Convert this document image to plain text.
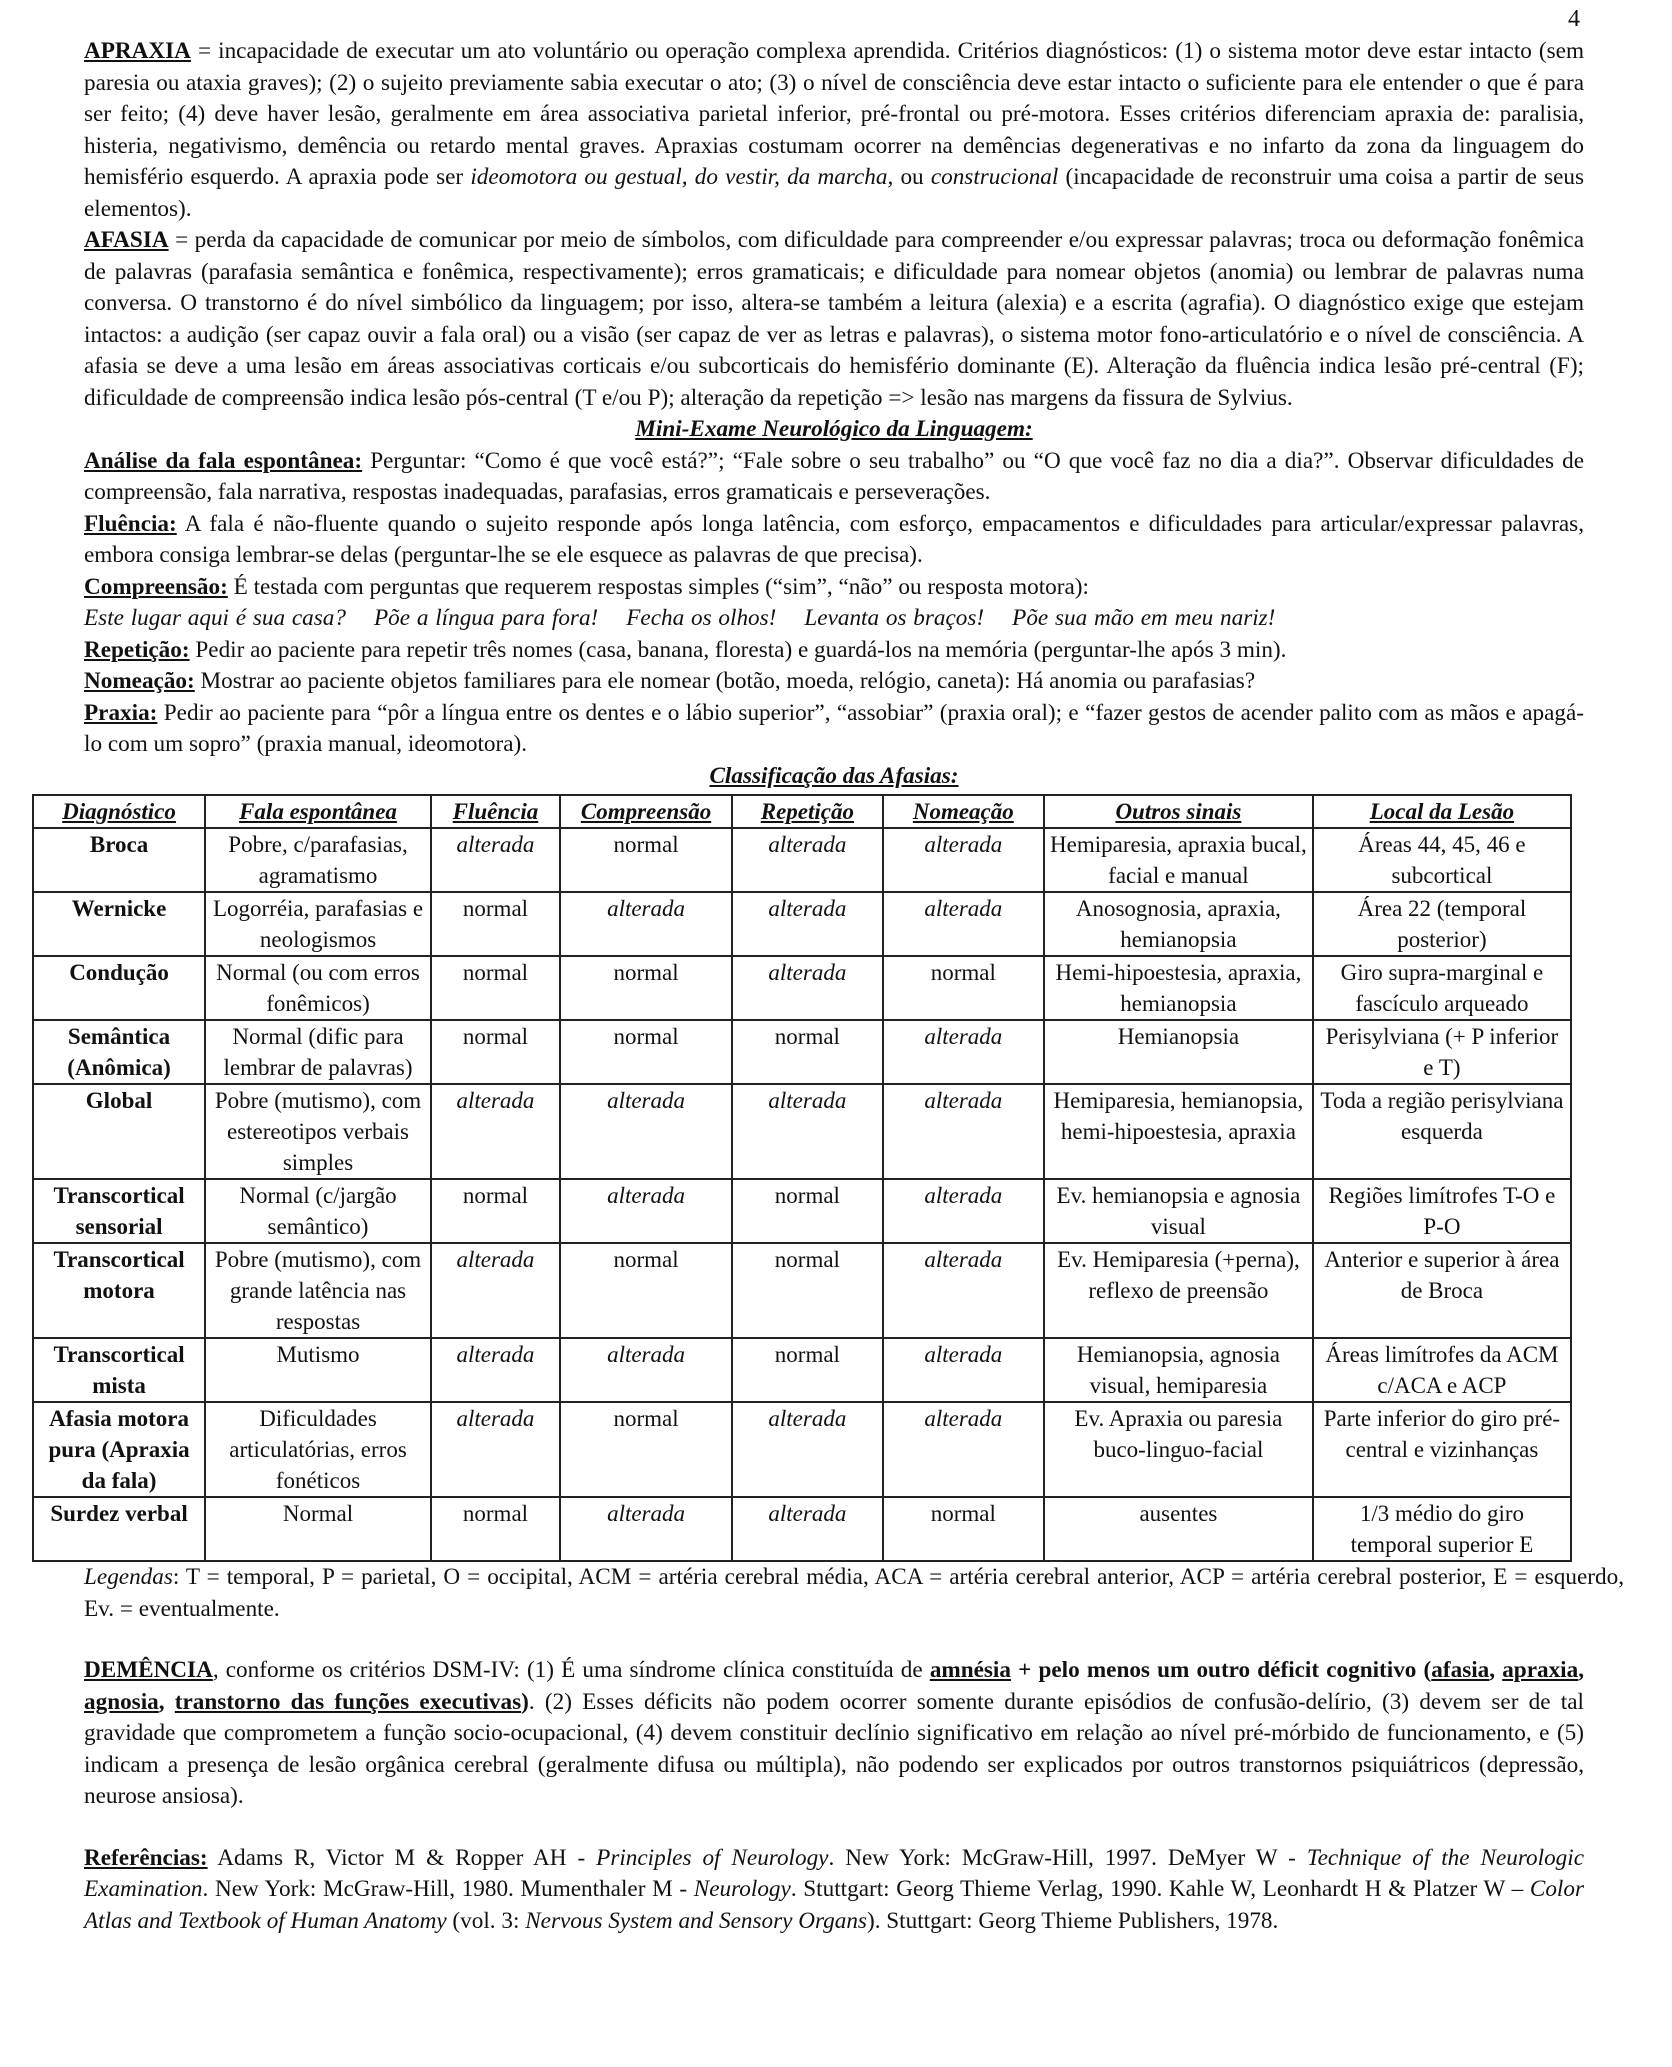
4

APRAXIA = incapacidade de executar um ato voluntário ou operação complexa aprendida. Critérios diagnósticos: (1) o sistema motor deve estar intacto (sem paresia ou ataxia graves); (2) o sujeito previamente sabia executar o ato; (3) o nível de consciência deve estar intacto o suficiente para ele entender o que é para ser feito; (4) deve haver lesão, geralmente em área associativa parietal inferior, pré-frontal ou pré-motora. Esses critérios diferenciam apraxia de: paralisia, histeria, negativismo, demência ou retardo mental graves. Apraxias costumam ocorrer na demências degenerativas e no infarto da zona da linguagem do hemisfério esquerdo. A apraxia pode ser ideomotora ou gestual, do vestir, da marcha, ou construcional (incapacidade de reconstruir uma coisa a partir de seus elementos).

AFASIA = perda da capacidade de comunicar por meio de símbolos, com dificuldade para compreender e/ou expressar palavras; troca ou deformação fonêmica de palavras (parafasia semântica e fonêmica, respectivamente); erros gramaticais; e dificuldade para nomear objetos (anomia) ou lembrar de palavras numa conversa. O transtorno é do nível simbólico da linguagem; por isso, altera-se também a leitura (alexia) e a escrita (agrafia). O diagnóstico exige que estejam intactos: a audição (ser capaz ouvir a fala oral) ou a visão (ser capaz de ver as letras e palavras), o sistema motor fono-articulatório e o nível de consciência. A afasia se deve a uma lesão em áreas associativas corticais e/ou subcorticais do hemisfério dominante (E). Alteração da fluência indica lesão pré-central (F); dificuldade de compreensão indica lesão pós-central (T e/ou P); alteração da repetição => lesão nas margens da fissura de Sylvius.

Mini-Exame Neurológico da Linguagem:

Análise da fala espontânea: Perguntar: “Como é que você está?”; “Fale sobre o seu trabalho” ou “O que você faz no dia a dia?”. Observar dificuldades de compreensão, fala narrativa, respostas inadequadas, parafasias, erros gramaticais e perseverações.

Fluência: A fala é não-fluente quando o sujeito responde após longa latência, com esforço, empacamentos e dificuldades para articular/expressar palavras, embora consiga lembrar-se delas (perguntar-lhe se ele esquece as palavras de que precisa).

Compreensão: É testada com perguntas que requerem respostas simples (“sim”, “não” ou resposta motora):

Este lugar aqui é sua casa? Põe a língua para fora! Fecha os olhos! Levanta os braços! Põe sua mão em meu nariz!

Repetição: Pedir ao paciente para repetir três nomes (casa, banana, floresta) e guardá-los na memória (perguntar-lhe após 3 min).

Nomeação: Mostrar ao paciente objetos familiares para ele nomear (botão, moeda, relógio, caneta): Há anomia ou parafasias?

Praxia: Pedir ao paciente para “pôr a língua entre os dentes e o lábio superior”, “assobiar” (praxia oral); e “fazer gestos de acender palito com as mãos e apagá-lo com um sopro” (praxia manual, ideomotora).

Classificação das Afasias:

Diagnóstico	Fala espontânea	Fluência	Compreensão	Repetição	Nomeação	Outros sinais	Local da Lesão
Broca	Pobre, c/parafasias, agramatismo	alterada	normal	alterada	alterada	Hemiparesia, apraxia bucal, facial e manual	Áreas 44, 45, 46 e subcortical
Wernicke	Logorréia, parafasias e neologismos	normal	alterada	alterada	alterada	Anosognosia, apraxia, hemianopsia	Área 22 (temporal posterior)
Condução	Normal (ou com erros fonêmicos)	normal	normal	alterada	normal	Hemi-hipoestesia, apraxia, hemianopsia	Giro supra-marginal e fascículo arqueado
Semântica (Anômica)	Normal (dific para lembrar de palavras)	normal	normal	normal	alterada	Hemianopsia	Perisylviana (+ P inferior e T)
Global	Pobre (mutismo), com estereotipos verbais simples	alterada	alterada	alterada	alterada	Hemiparesia, hemianopsia, hemi-hipoestesia, apraxia	Toda a região perisylviana esquerda
Transcortical sensorial	Normal (c/jargão semântico)	normal	alterada	normal	alterada	Ev. hemianopsia e agnosia visual	Regiões limítrofes T-O e P-O
Transcortical motora	Pobre (mutismo), com grande latência nas respostas	alterada	normal	normal	alterada	Ev. Hemiparesia (+perna), reflexo de preensão	Anterior e superior à área de Broca
Transcortical mista	Mutismo	alterada	alterada	normal	alterada	Hemianopsia, agnosia visual, hemiparesia	Áreas limítrofes da ACM c/ACA e ACP
Afasia motora pura (Apraxia da fala)	Dificuldades articulatórias, erros fonéticos	alterada	normal	alterada	alterada	Ev. Apraxia ou paresia buco-linguo-facial	Parte inferior do giro pré-central e vizinhanças
Surdez verbal	Normal	normal	alterada	alterada	normal	ausentes	1/3 médio do giro temporal superior E

Legendas: T = temporal, P = parietal, O = occipital, ACM = artéria cerebral média, ACA = artéria cerebral anterior, ACP = artéria cerebral posterior, E = esquerdo, Ev. = eventualmente.

DEMÊNCIA, conforme os critérios DSM-IV: (1) É uma síndrome clínica constituída de amnésia + pelo menos um outro déficit cognitivo (afasia, apraxia, agnosia, transtorno das funções executivas). (2) Esses déficits não podem ocorrer somente durante episódios de confusão-delírio, (3) devem ser de tal gravidade que comprometem a função socio-ocupacional, (4) devem constituir declínio significativo em relação ao nível pré-mórbido de funcionamento, e (5) indicam a presença de lesão orgânica cerebral (geralmente difusa ou múltipla), não podendo ser explicados por outros transtornos psiquiátricos (depressão, neurose ansiosa).

Referências: Adams R, Victor M & Ropper AH - Principles of Neurology. New York: McGraw-Hill, 1997. DeMyer W - Technique of the Neurologic Examination. New York: McGraw-Hill, 1980. Mumenthaler M - Neurology. Stuttgart: Georg Thieme Verlag, 1990. Kahle W, Leonhardt H & Platzer W – Color Atlas and Textbook of Human Anatomy (vol. 3: Nervous System and Sensory Organs). Stuttgart: Georg Thieme Publishers, 1978.
